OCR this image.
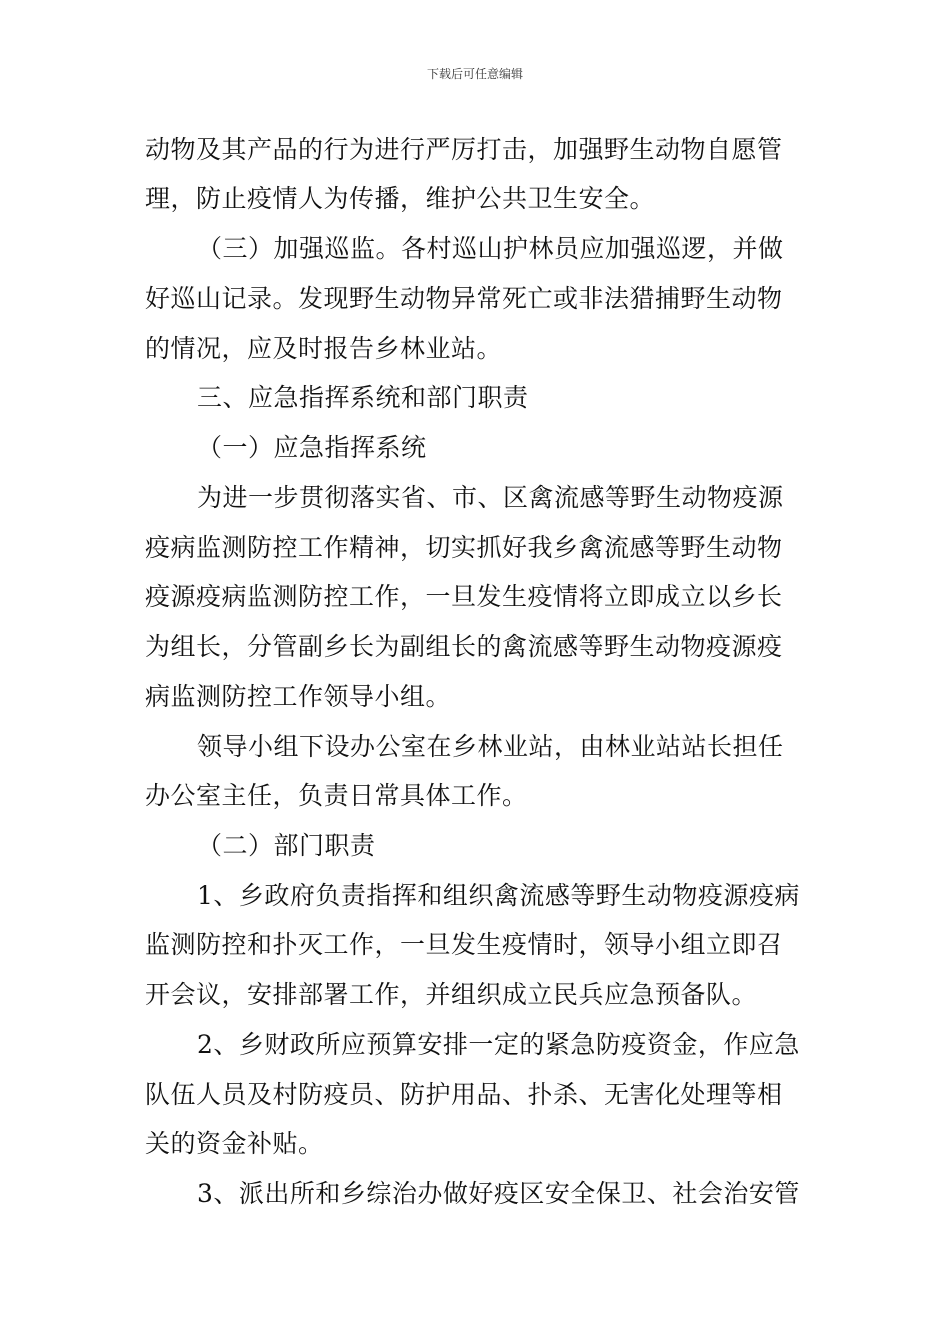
下载后可任意编辑
动物及其产品的行为进行严厉打击，加强野生动物自愿管
理，防止疫情人为传播，维护公共卫生安全。
（三）加强巡监。各村巡山护林员应加强巡逻，并做
好巡山记录。发现野生动物异常死亡或非法猎捕野生动物
的情况，应及时报告乡林业站。
三、应急指挥系统和部门职责
（一）应急指挥系统
为进一步贯彻落实省、市、区禽流感等野生动物疫源
疫病监测防控工作精神，切实抓好我乡禽流感等野生动物
疫源疫病监测防控工作，一旦发生疫情将立即成立以乡长
为组长，分管副乡长为副组长的禽流感等野生动物疫源疫
病监测防控工作领导小组。
领导小组下设办公室在乡林业站，由林业站站长担任
办公室主任，负责日常具体工作。
（二）部门职责
1、乡政府负责指挥和组织禽流感等野生动物疫源疫病
监测防控和扑灭工作，一旦发生疫情时，领导小组立即召
开会议，安排部署工作，并组织成立民兵应急预备队。
2、乡财政所应预算安排一定的紧急防疫资金，作应急
队伍人员及村防疫员、防护用品、扑杀、无害化处理等相
关的资金补贴。
3、派出所和乡综治办做好疫区安全保卫、社会治安管
